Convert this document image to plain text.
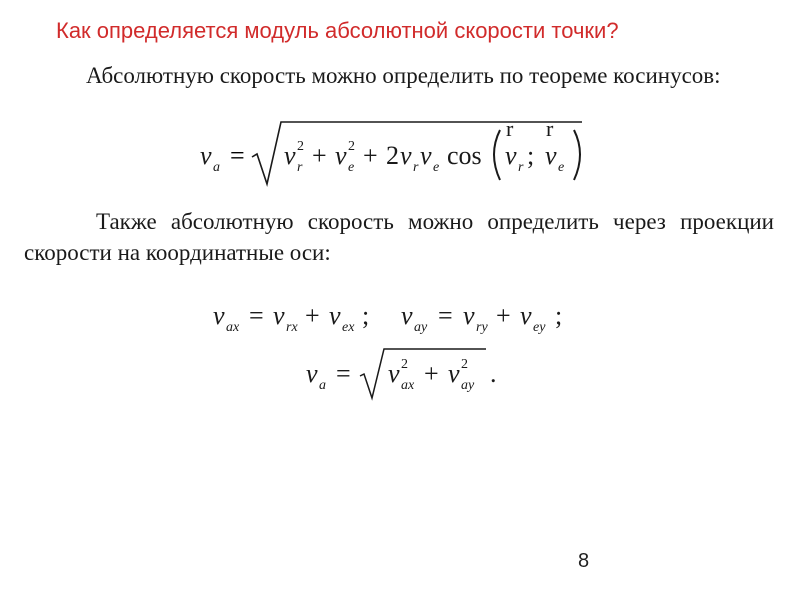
Как определяется модуль абсолютной скорости точки?
Абсолютную скорость можно определить по теореме косинусов:
v a = v 2
r + v 2
e + 2 v r v e cos
r
v r ;
r
v e
Также абсолютную скорость можно определить через проекции скорости на координатные оси:
v ax = v rx + v ex ; v ay = v ry + v ey ;
v a = v 2
ax + v 2
ay .
8
